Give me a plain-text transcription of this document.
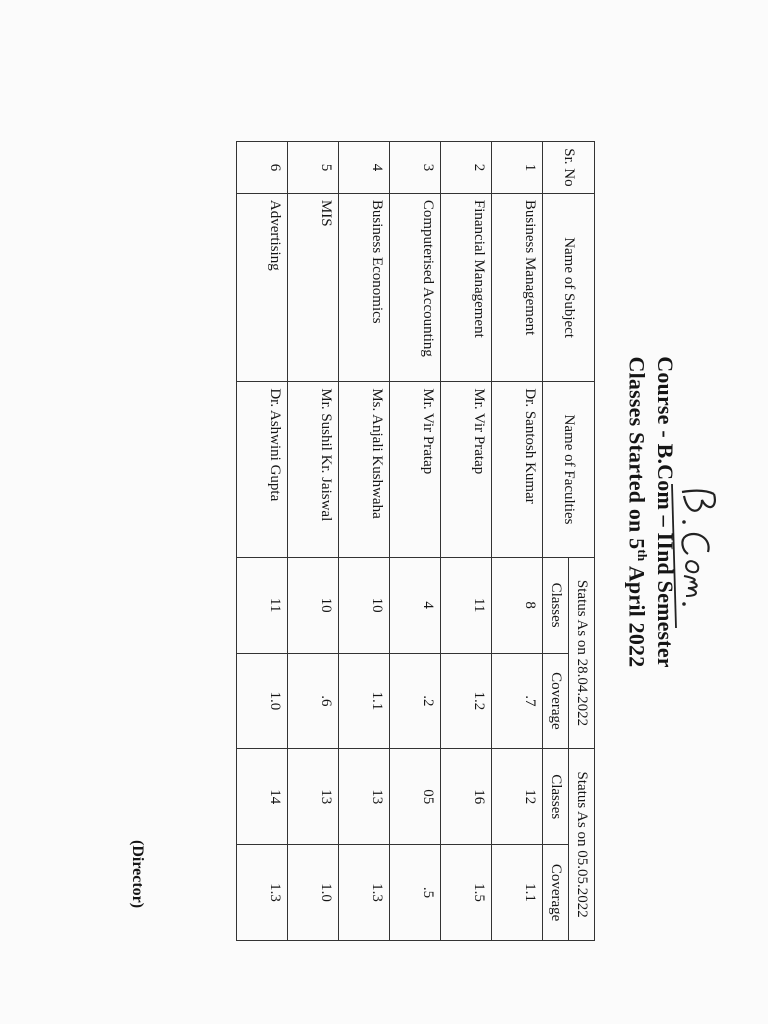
Course - B.Com – IInd Semester
Classes Started on 5th April 2022
Sr. No	Name of Subject	Name of Faculties	Status As on 28.04.2022		Status As on 05.05.2022	
			Classes	Coverage	Classes	Coverage
1	Business Management	Dr. Santosh Kumar	8	.7	12	1.1
2	Financial Management	Mr. Vir Pratap	11	1.2	16	1.5
3	Computerised Accounting	Mr. Vir Pratap	4	.2	05	.5
4	Business Economics	Ms. Anjali Kushwaha	10	1.1	13	1.3
5	MIS	Mr. Sushil Kr. Jaiswal	10	.6	13	1.0
6	Advertising	Dr. Ashwini Gupta	11	1.0	14	1.3
(Director)
